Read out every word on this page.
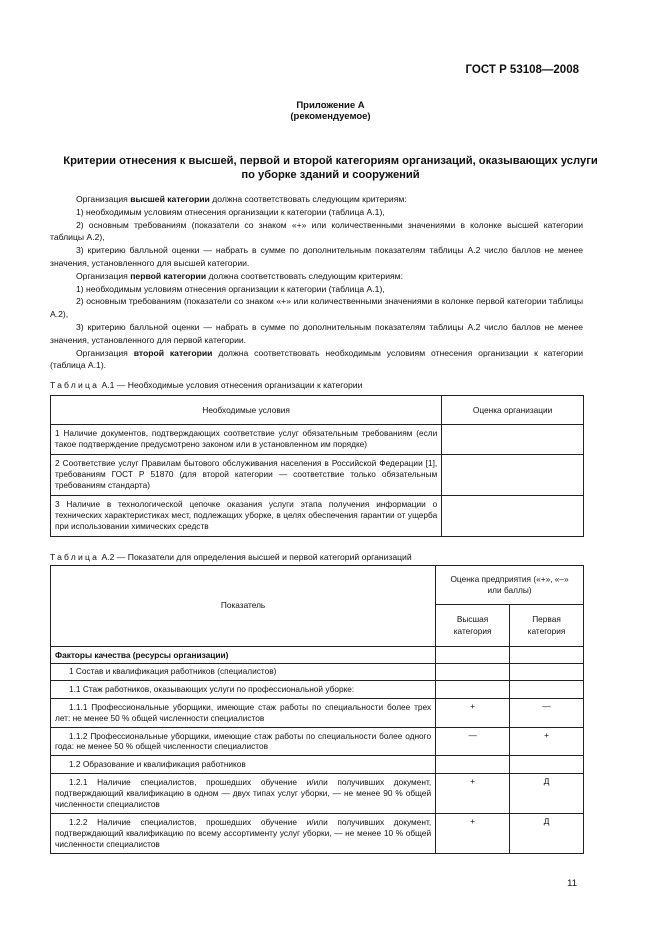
ГОСТ Р 53108—2008
Приложение А
(рекомендуемое)
Критерии отнесения к высшей, первой и второй категориям организаций, оказывающих услуги по уборке зданий и сооружений

Организация высшей категории должна соответствовать следующим критериям:

1) необходимым условиям отнесения организации к категории (таблица А.1),

2) основным требованиям (показатели со знаком «+» или количественными значениями в колонке высшей категории таблицы А.2),

3) критерию балльной оценки — набрать в сумме по дополнительным показателям таблицы А.2 число баллов не менее значения, установленного для высшей категории.

Организация первой категории должна соответствовать следующим критериям:

1) необходимым условиям отнесения организации к категории (таблица А.1),

2) основным требованиям (показатели со знаком «+» или количественными значениями в колонке первой категории таблицы А.2),

3) критерию балльной оценки — набрать в сумме по дополнительным показателям таблицы А.2 число баллов не менее значения, установленного для первой категории.

Организация второй категории должна соответствовать необходимым условиям отнесения организации к категории (таблица А.1).

Таблица А.1 — Необходимые условия отнесения организации к категории
Необходимые условия	Оценка организации
1 Наличие документов, подтверждающих соответствие услуг обязательным требованиям (если такое подтверждение предусмотрено законом или в установленном им порядке)	
2 Соответствие услуг Правилам бытового обслуживания населения в Российской Федерации [1], требованиям ГОСТ Р 51870 (для второй категории — соответствие только обязательным требованиям стандарта)	
3 Наличие в технологической цепочке оказания услуги этапа получения информации о технических характеристиках мест, подлежащих уборке, в целях обеспечения гарантии от ущерба при использовании химических средств	
Таблица А.2 — Показатели для определения высшей и первой категорий организаций
Показатель	Оценка предприятия («+», «–» или баллы)	
	Высшая категория	Первая категория
Факторы качества (ресурсы организации)		
1 Состав и квалификация работников (специалистов)		
1.1 Стаж работников, оказывающих услуги по профессиональной уборке:		
1.1.1 Профессиональные уборщики, имеющие стаж работы по специальности более трех лет: не менее 50 % общей численности специалистов	+	—
1.1.2 Профессиональные уборщики, имеющие стаж работы по специальности более одного года: не менее 50 % общей численности специалистов	—	+
1.2 Образование и квалификация работников		
1.2.1 Наличие специалистов, прошедших обучение и/или получивших документ, подтверждающий квалификацию в одном — двух типах услуг уборки, — не менее 90 % общей численности специалистов	+	Д
1.2.2 Наличие специалистов, прошедших обучение и/или получивших документ, подтверждающий квалификацию по всему ассортименту услуг уборки, — не менее 10 % общей численности специалистов	+	Д
11
